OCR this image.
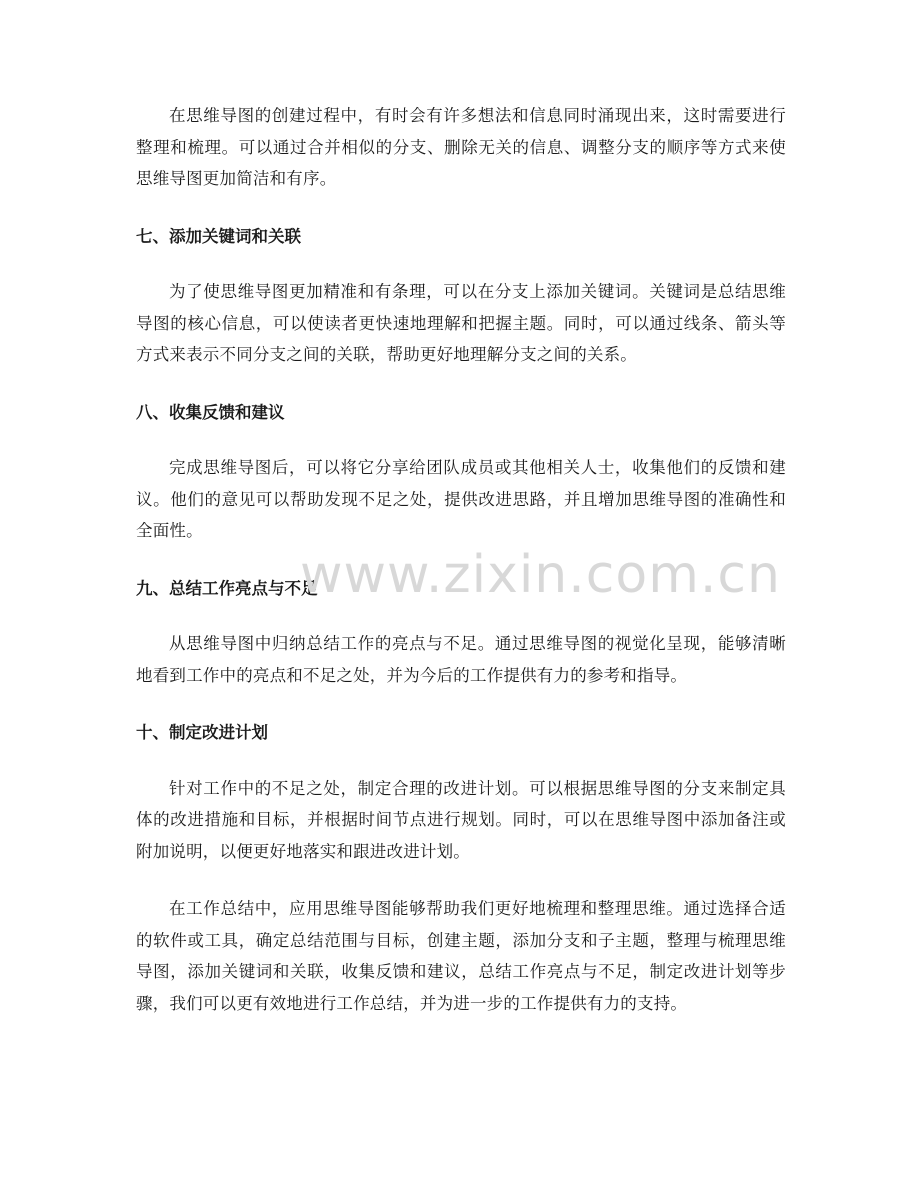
在思维导图的创建过程中，有时会有许多想法和信息同时涌现出来，这时需要进行整理和梳理。可以通过合并相似的分支、删除无关的信息、调整分支的顺序等方式来使思维导图更加简洁和有序。

七、添加关键词和关联

为了使思维导图更加精准和有条理，可以在分支上添加关键词。关键词是总结思维导图的核心信息，可以使读者更快速地理解和把握主题。同时，可以通过线条、箭头等方式来表示不同分支之间的关联，帮助更好地理解分支之间的关系。

八、收集反馈和建议

完成思维导图后，可以将它分享给团队成员或其他相关人士，收集他们的反馈和建议。他们的意见可以帮助发现不足之处，提供改进思路，并且增加思维导图的准确性和全面性。

九、总结工作亮点与不足

从思维导图中归纳总结工作的亮点与不足。通过思维导图的视觉化呈现，能够清晰地看到工作中的亮点和不足之处，并为今后的工作提供有力的参考和指导。

十、制定改进计划

针对工作中的不足之处，制定合理的改进计划。可以根据思维导图的分支来制定具体的改进措施和目标，并根据时间节点进行规划。同时，可以在思维导图中添加备注或附加说明，以便更好地落实和跟进改进计划。

在工作总结中，应用思维导图能够帮助我们更好地梳理和整理思维。通过选择合适的软件或工具，确定总结范围与目标，创建主题，添加分支和子主题，整理与梳理思维导图，添加关键词和关联，收集反馈和建议，总结工作亮点与不足，制定改进计划等步骤，我们可以更有效地进行工作总结，并为进一步的工作提供有力的支持。

www.zixin.com.cn
